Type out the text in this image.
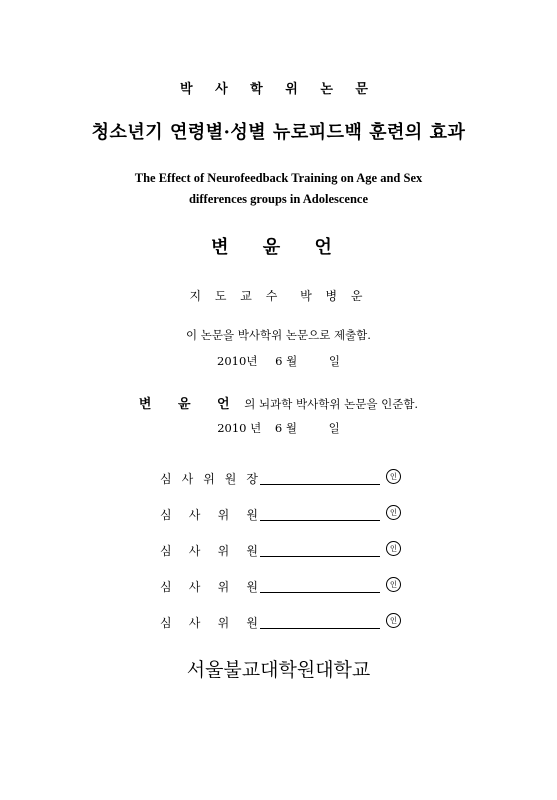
박 사 학 위 논 문
청소년기 연령별·성별 뉴로피드백 훈련의 효과
The Effect of Neurofeedback Training on Age and Sex
differences groups in Adolescence
변 윤 언
지 도 교 수 박 병 운
이 논문을 박사학위 논문으로 제출함.
2010년 6 월	일
변 윤 언 의 뇌과학 박사학위 논문을 인준함.
2010 년 6 월	일
심 사 위 원 장	인
심 사 위 원	인
심 사 위 원	인
심 사 위 원	인
심 사 위 원	인
서울불교대학원대학교
